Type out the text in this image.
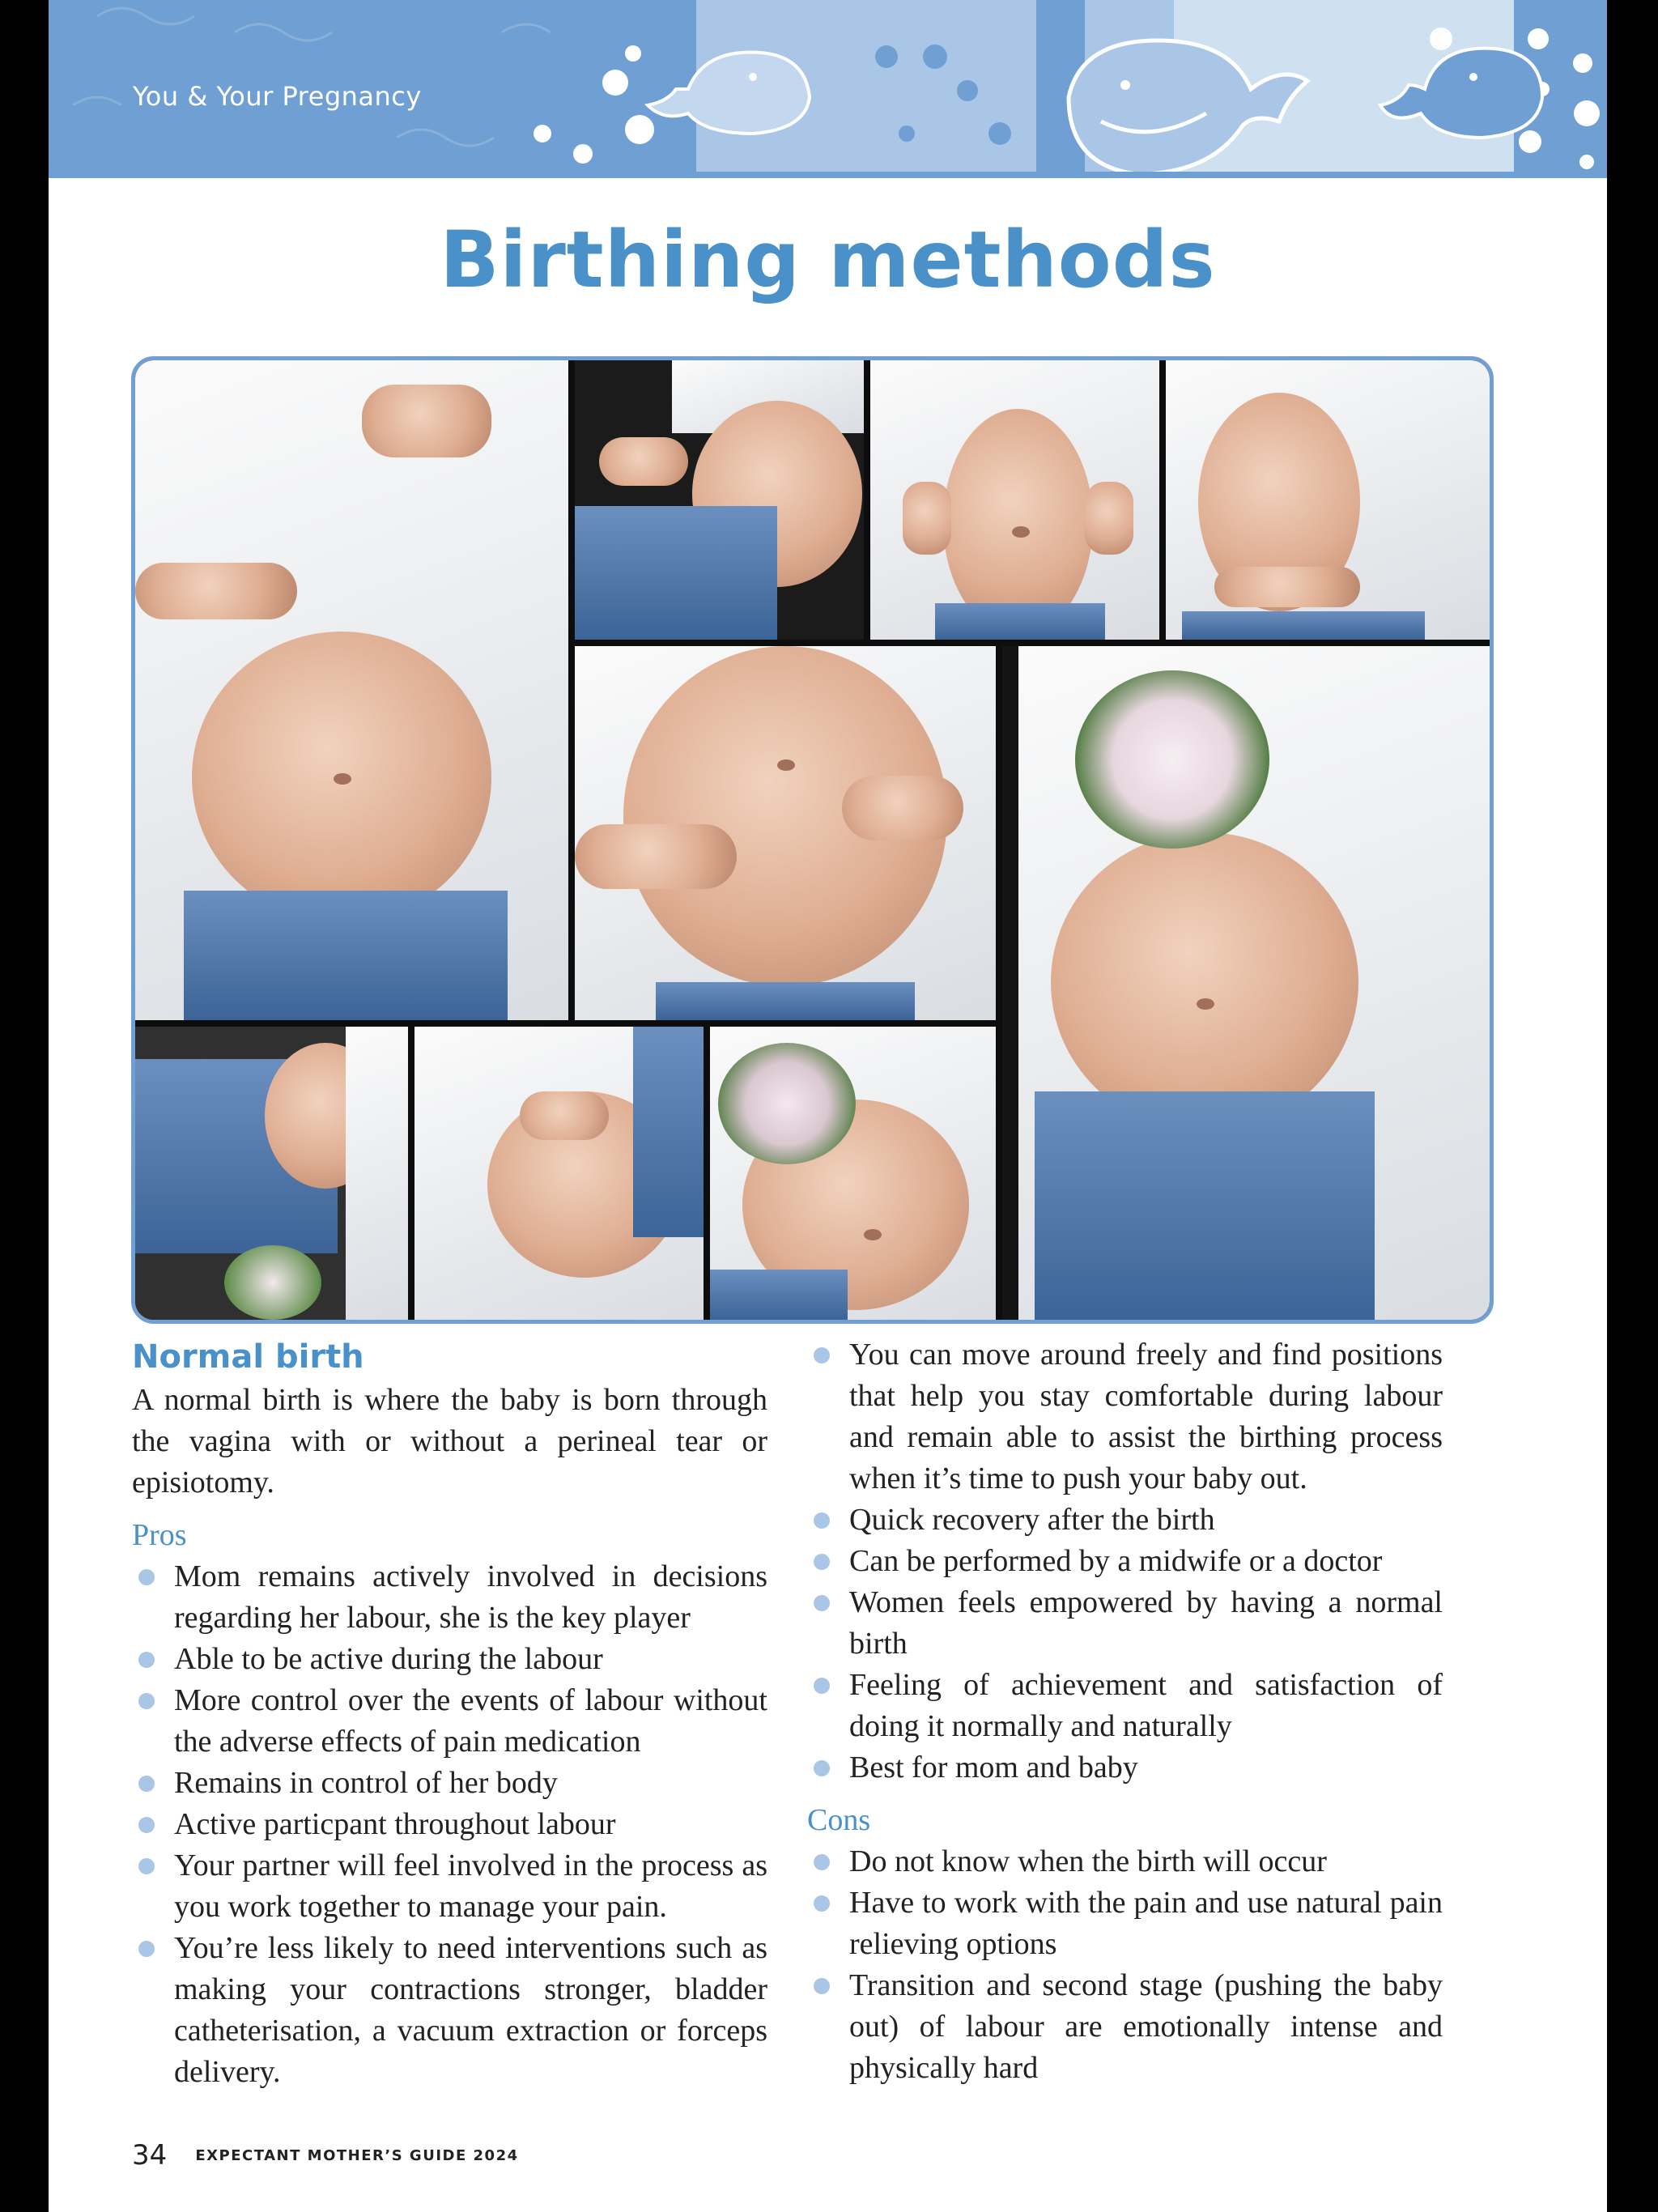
You & Your Pregnancy
Birthing methods
Normal birth

A normal birth is where the baby is born through the vagina with or without a perineal tear or episiotomy.

Pros

Mom remains actively involved in decisions regarding her labour, she is the key player
Able to be active during the labour
More control over the events of labour without the adverse effects of pain medication
Remains in control of her body
Active particpant throughout labour
Your partner will feel involved in the process as you work together to manage your pain.
You’re less likely to need interventions such as making your contractions stronger, bladder catheterisation, a vacuum extraction or forceps delivery.
You can move around freely and find positions that help you stay comfortable during labour and remain able to assist the birthing process when it’s time to push your baby out.
Quick recovery after the birth
Can be performed by a midwife or a doctor
Women feels empowered by having a normal birth
Feeling of achievement and satisfaction of doing it normally and naturally
Best for mom and baby

Cons

Do not know when the birth will occur
Have to work with the pain and use natural pain relieving options
Transition and second stage (pushing the baby out) of labour are emotionally intense and physically hard
34 EXPECTANT MOTHER’S GUIDE 2024
